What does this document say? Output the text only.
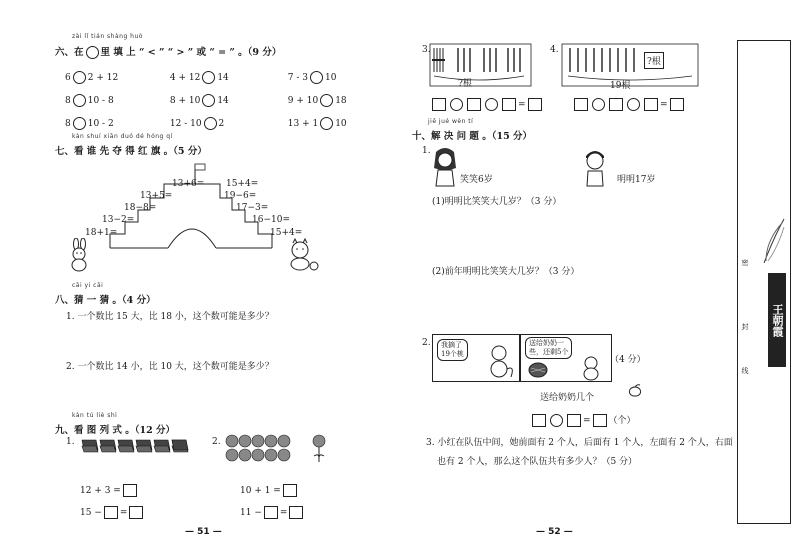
zài lǐ tián shàng huò
六、在 里 填 上 “ < ” “ > ” 或 “ = ” 。（9 分）
6 2 + 12	4 + 12 14	7 - 3 10
8 10 - 8	8 + 10 14	9 + 10 18
8 10 - 2	12 - 10 2	13 + 1 10
kàn shuí xiān duó dé hóng qí
七、看 谁 先 夺 得 红 旗 。（5 分）
13+6=
13+5=
18−8=
13−2=
18+1=
15+4=
19−6=
17−3=
16−10=
15+4=
cāi yi cāi
八、猜 一 猜 。（4 分）
1. 一个数比 15 大，比 18 小，这个数可能是多少？
2. 一个数比 14 小，比 10 大，这个数可能是多少？
kàn tú liè shì
九、看 图 列 式 。（12 分）
1.	2.
12 + 3 =
15 − =
10 + 1 =
11 − =
— 51 —
3.
?根
4.
?根
19根
=	=
jiě jué wèn tí
十、解 决 问 题 。（15 分）
1.
笑笑6岁	明明17岁
(1)明明比笑笑大几岁？（3 分）
(2)前年明明比笑笑大几岁？（3 分）
2. 我摘了
19个桃
送给奶奶一
些，还剩5个
（4 分）
送给奶奶几个
= （个）
3. 小红在队伍中间，她前面有 2 个人，后面有 1 个人，左面有 2 个人，右面
也有 2 个人，那么这个队伍共有多少人？（5 分）
— 52 —
密
封
线
王朝霞
